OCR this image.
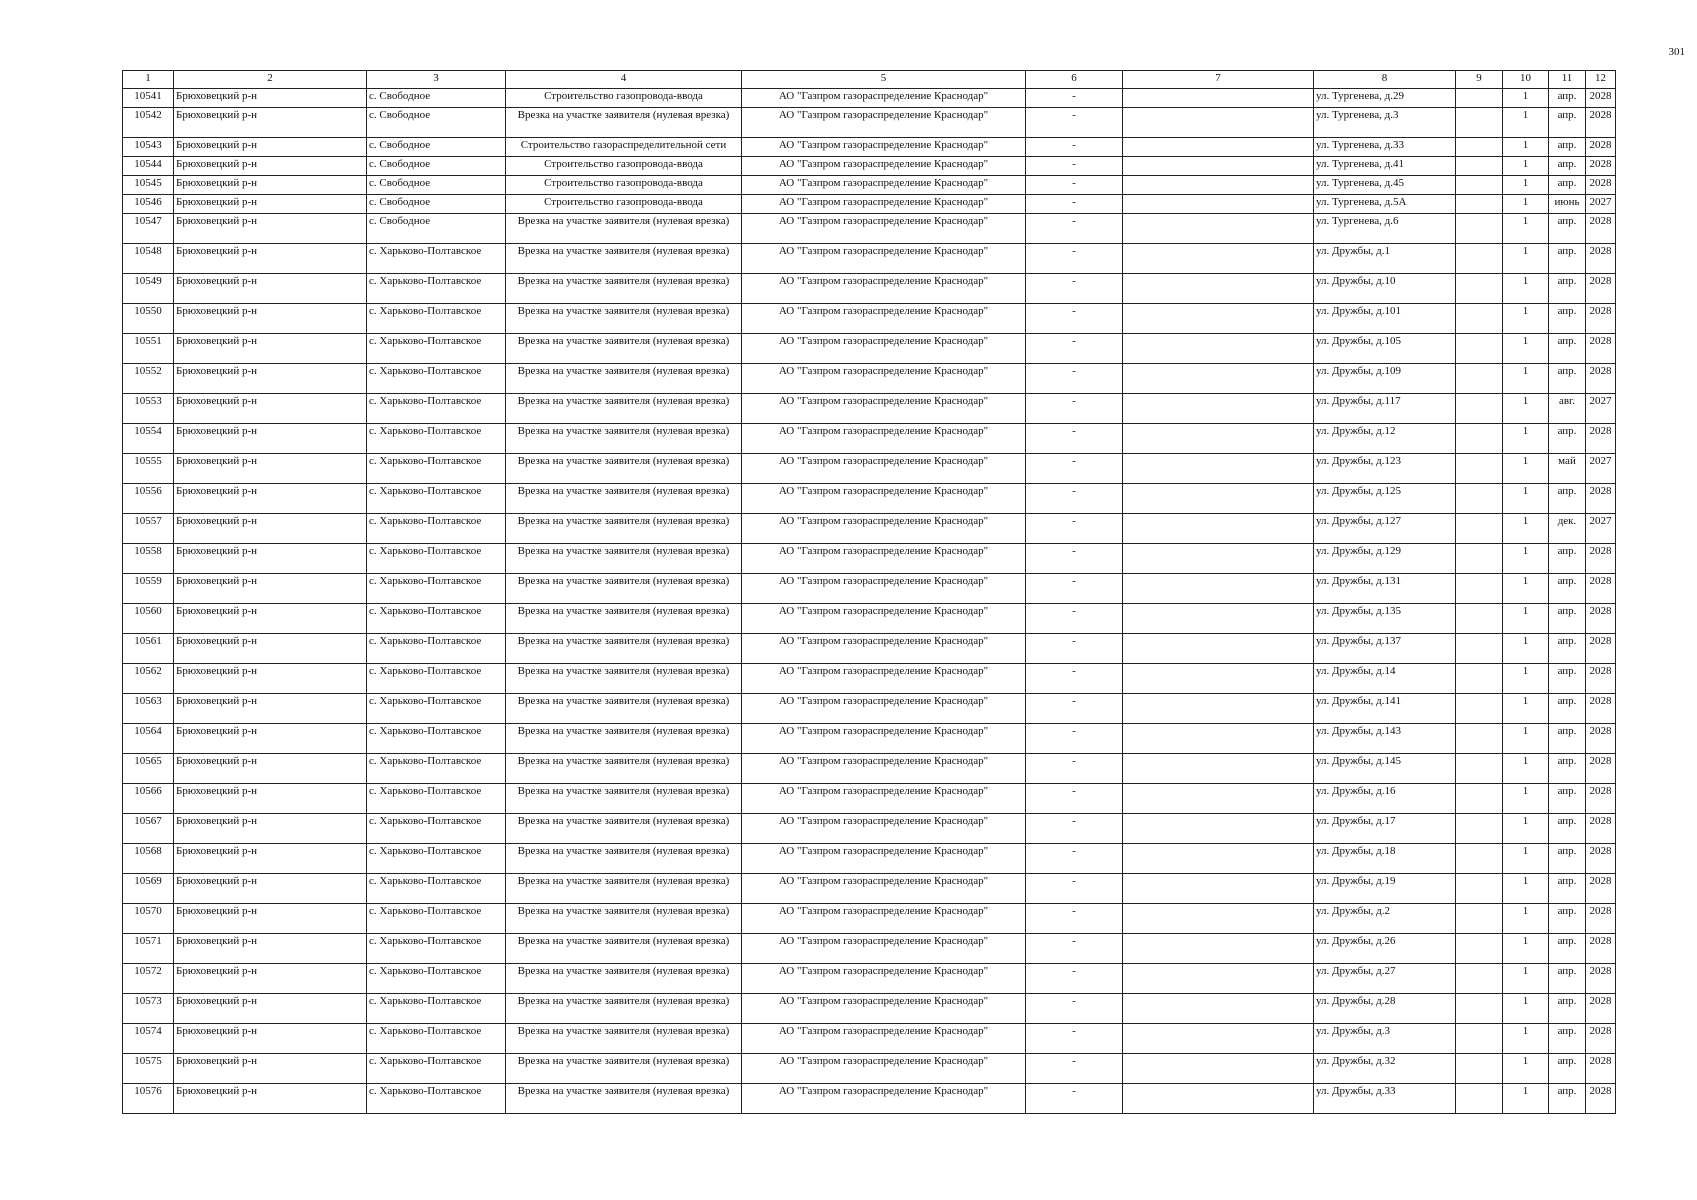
301
1	2	3	4	5	6	7	8	9	10	11	12
10541	Брюховецкий р-н	с. Свободное	Строительство газопровода-ввода	АО "Газпром газораспределение Краснодар"	-		ул. Тургенева, д.29		1	апр.	2028
10542	Брюховецкий р-н	с. Свободное	Врезка на участке заявителя (нулевая врезка)	АО "Газпром газораспределение Краснодар"	-		ул. Тургенева, д.3		1	апр.	2028
10543	Брюховецкий р-н	с. Свободное	Строительство газораспределительной сети	АО "Газпром газораспределение Краснодар"	-		ул. Тургенева, д.33		1	апр.	2028
10544	Брюховецкий р-н	с. Свободное	Строительство газопровода-ввода	АО "Газпром газораспределение Краснодар"	-		ул. Тургенева, д.41		1	апр.	2028
10545	Брюховецкий р-н	с. Свободное	Строительство газопровода-ввода	АО "Газпром газораспределение Краснодар"	-		ул. Тургенева, д.45		1	апр.	2028
10546	Брюховецкий р-н	с. Свободное	Строительство газопровода-ввода	АО "Газпром газораспределение Краснодар"	-		ул. Тургенева, д.5А		1	июнь	2027
10547	Брюховецкий р-н	с. Свободное	Врезка на участке заявителя (нулевая врезка)	АО "Газпром газораспределение Краснодар"	-		ул. Тургенева, д.6		1	апр.	2028
10548	Брюховецкий р-н	с. Харьково-Полтавское	Врезка на участке заявителя (нулевая врезка)	АО "Газпром газораспределение Краснодар"	-		ул. Дружбы, д.1		1	апр.	2028
10549	Брюховецкий р-н	с. Харьково-Полтавское	Врезка на участке заявителя (нулевая врезка)	АО "Газпром газораспределение Краснодар"	-		ул. Дружбы, д.10		1	апр.	2028
10550	Брюховецкий р-н	с. Харьково-Полтавское	Врезка на участке заявителя (нулевая врезка)	АО "Газпром газораспределение Краснодар"	-		ул. Дружбы, д.101		1	апр.	2028
10551	Брюховецкий р-н	с. Харьково-Полтавское	Врезка на участке заявителя (нулевая врезка)	АО "Газпром газораспределение Краснодар"	-		ул. Дружбы, д.105		1	апр.	2028
10552	Брюховецкий р-н	с. Харьково-Полтавское	Врезка на участке заявителя (нулевая врезка)	АО "Газпром газораспределение Краснодар"	-		ул. Дружбы, д.109		1	апр.	2028
10553	Брюховецкий р-н	с. Харьково-Полтавское	Врезка на участке заявителя (нулевая врезка)	АО "Газпром газораспределение Краснодар"	-		ул. Дружбы, д.117		1	авг.	2027
10554	Брюховецкий р-н	с. Харьково-Полтавское	Врезка на участке заявителя (нулевая врезка)	АО "Газпром газораспределение Краснодар"	-		ул. Дружбы, д.12		1	апр.	2028
10555	Брюховецкий р-н	с. Харьково-Полтавское	Врезка на участке заявителя (нулевая врезка)	АО "Газпром газораспределение Краснодар"	-		ул. Дружбы, д.123		1	май	2027
10556	Брюховецкий р-н	с. Харьково-Полтавское	Врезка на участке заявителя (нулевая врезка)	АО "Газпром газораспределение Краснодар"	-		ул. Дружбы, д.125		1	апр.	2028
10557	Брюховецкий р-н	с. Харьково-Полтавское	Врезка на участке заявителя (нулевая врезка)	АО "Газпром газораспределение Краснодар"	-		ул. Дружбы, д.127		1	дек.	2027
10558	Брюховецкий р-н	с. Харьково-Полтавское	Врезка на участке заявителя (нулевая врезка)	АО "Газпром газораспределение Краснодар"	-		ул. Дружбы, д.129		1	апр.	2028
10559	Брюховецкий р-н	с. Харьково-Полтавское	Врезка на участке заявителя (нулевая врезка)	АО "Газпром газораспределение Краснодар"	-		ул. Дружбы, д.131		1	апр.	2028
10560	Брюховецкий р-н	с. Харьково-Полтавское	Врезка на участке заявителя (нулевая врезка)	АО "Газпром газораспределение Краснодар"	-		ул. Дружбы, д.135		1	апр.	2028
10561	Брюховецкий р-н	с. Харьково-Полтавское	Врезка на участке заявителя (нулевая врезка)	АО "Газпром газораспределение Краснодар"	-		ул. Дружбы, д.137		1	апр.	2028
10562	Брюховецкий р-н	с. Харьково-Полтавское	Врезка на участке заявителя (нулевая врезка)	АО "Газпром газораспределение Краснодар"	-		ул. Дружбы, д.14		1	апр.	2028
10563	Брюховецкий р-н	с. Харьково-Полтавское	Врезка на участке заявителя (нулевая врезка)	АО "Газпром газораспределение Краснодар"	-		ул. Дружбы, д.141		1	апр.	2028
10564	Брюховецкий р-н	с. Харьково-Полтавское	Врезка на участке заявителя (нулевая врезка)	АО "Газпром газораспределение Краснодар"	-		ул. Дружбы, д.143		1	апр.	2028
10565	Брюховецкий р-н	с. Харьково-Полтавское	Врезка на участке заявителя (нулевая врезка)	АО "Газпром газораспределение Краснодар"	-		ул. Дружбы, д.145		1	апр.	2028
10566	Брюховецкий р-н	с. Харьково-Полтавское	Врезка на участке заявителя (нулевая врезка)	АО "Газпром газораспределение Краснодар"	-		ул. Дружбы, д.16		1	апр.	2028
10567	Брюховецкий р-н	с. Харьково-Полтавское	Врезка на участке заявителя (нулевая врезка)	АО "Газпром газораспределение Краснодар"	-		ул. Дружбы, д.17		1	апр.	2028
10568	Брюховецкий р-н	с. Харьково-Полтавское	Врезка на участке заявителя (нулевая врезка)	АО "Газпром газораспределение Краснодар"	-		ул. Дружбы, д.18		1	апр.	2028
10569	Брюховецкий р-н	с. Харьково-Полтавское	Врезка на участке заявителя (нулевая врезка)	АО "Газпром газораспределение Краснодар"	-		ул. Дружбы, д.19		1	апр.	2028
10570	Брюховецкий р-н	с. Харьково-Полтавское	Врезка на участке заявителя (нулевая врезка)	АО "Газпром газораспределение Краснодар"	-		ул. Дружбы, д.2		1	апр.	2028
10571	Брюховецкий р-н	с. Харьково-Полтавское	Врезка на участке заявителя (нулевая врезка)	АО "Газпром газораспределение Краснодар"	-		ул. Дружбы, д.26		1	апр.	2028
10572	Брюховецкий р-н	с. Харьково-Полтавское	Врезка на участке заявителя (нулевая врезка)	АО "Газпром газораспределение Краснодар"	-		ул. Дружбы, д.27		1	апр.	2028
10573	Брюховецкий р-н	с. Харьково-Полтавское	Врезка на участке заявителя (нулевая врезка)	АО "Газпром газораспределение Краснодар"	-		ул. Дружбы, д.28		1	апр.	2028
10574	Брюховецкий р-н	с. Харьково-Полтавское	Врезка на участке заявителя (нулевая врезка)	АО "Газпром газораспределение Краснодар"	-		ул. Дружбы, д.3		1	апр.	2028
10575	Брюховецкий р-н	с. Харьково-Полтавское	Врезка на участке заявителя (нулевая врезка)	АО "Газпром газораспределение Краснодар"	-		ул. Дружбы, д.32		1	апр.	2028
10576	Брюховецкий р-н	с. Харьково-Полтавское	Врезка на участке заявителя (нулевая врезка)	АО "Газпром газораспределение Краснодар"	-		ул. Дружбы, д.33		1	апр.	2028
